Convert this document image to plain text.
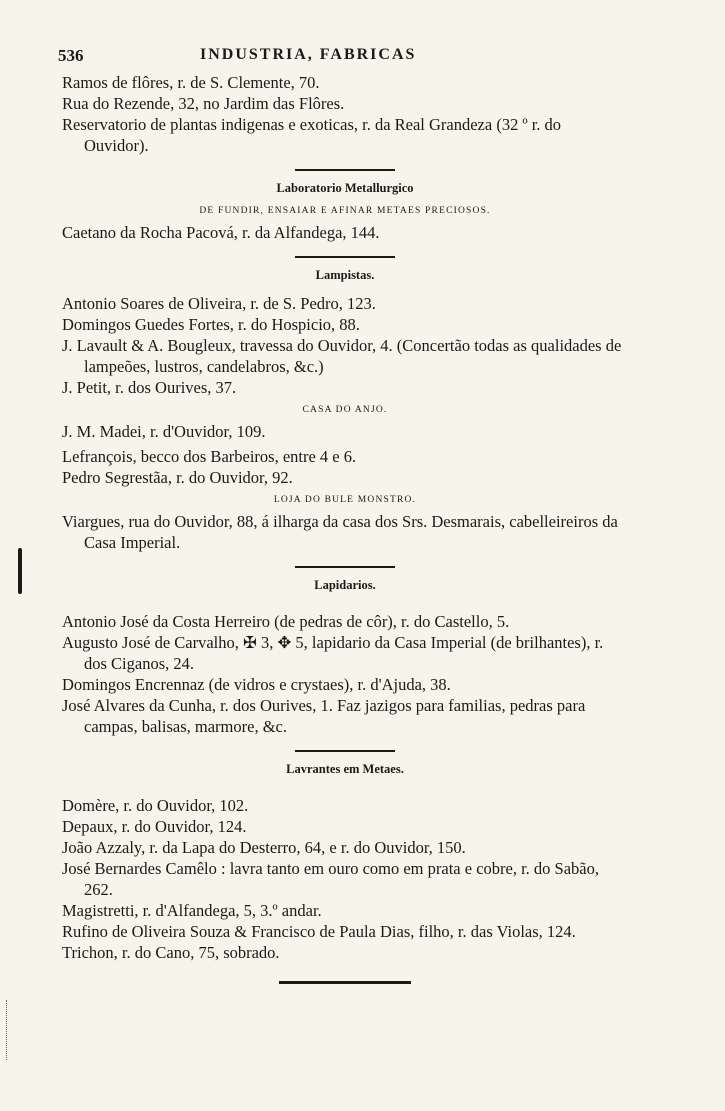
536	INDUSTRIA, FABRICAS
Ramos de flôres, r. de S. Clemente, 70.
Rua do Rezende, 32, no Jardim das Flôres.
Reservatorio de plantas indigenas e exoticas, r. da Real Grandeza (32 º r. do Ouvidor).
Laboratorio Metallurgico
DE FUNDIR, ENSAIAR E AFINAR METAES PRECIOSOS.
Caetano da Rocha Pacová, r. da Alfandega, 144.
Lampistas.
Antonio Soares de Oliveira, r. de S. Pedro, 123.
Domingos Guedes Fortes, r. do Hospicio, 88.
J. Lavault & A. Bougleux, travessa do Ouvidor, 4. (Concertão todas as qualidades de lampeões, lustros, candelabros, &c.)
J. Petit, r. dos Ourives, 37.
CASA DO ANJO.
J. M. Madei, r. d'Ouvidor, 109.
Lefrançois, becco dos Barbeiros, entre 4 e 6.
Pedro Segrestãa, r. do Ouvidor, 92.
LOJA DO BULE MONSTRO.
Viargues, rua do Ouvidor, 88, á ilharga da casa dos Srs. Desmarais, cabelleireiros da Casa Imperial.
Lapidarios.
Antonio José da Costa Herreiro (de pedras de côr), r. do Castello, 5.
Augusto José de Carvalho, ✠ 3, ✥ 5, lapidario da Casa Imperial (de brilhantes), r. dos Ciganos, 24.
Domingos Encrennaz (de vidros e crystaes), r. d'Ajuda, 38.
José Alvares da Cunha, r. dos Ourives, 1. Faz jazigos para familias, pedras para campas, balisas, marmore, &c.
Lavrantes em Metaes.
Domère, r. do Ouvidor, 102.
Depaux, r. do Ouvidor, 124.
João Azzaly, r. da Lapa do Desterro, 64, e r. do Ouvidor, 150.
José Bernardes Camêlo : lavra tanto em ouro como em prata e cobre, r. do Sabão, 262.
Magistretti, r. d'Alfandega, 5, 3.º andar.
Rufino de Oliveira Souza & Francisco de Paula Dias, filho, r. das Violas, 124.
Trichon, r. do Cano, 75, sobrado.
